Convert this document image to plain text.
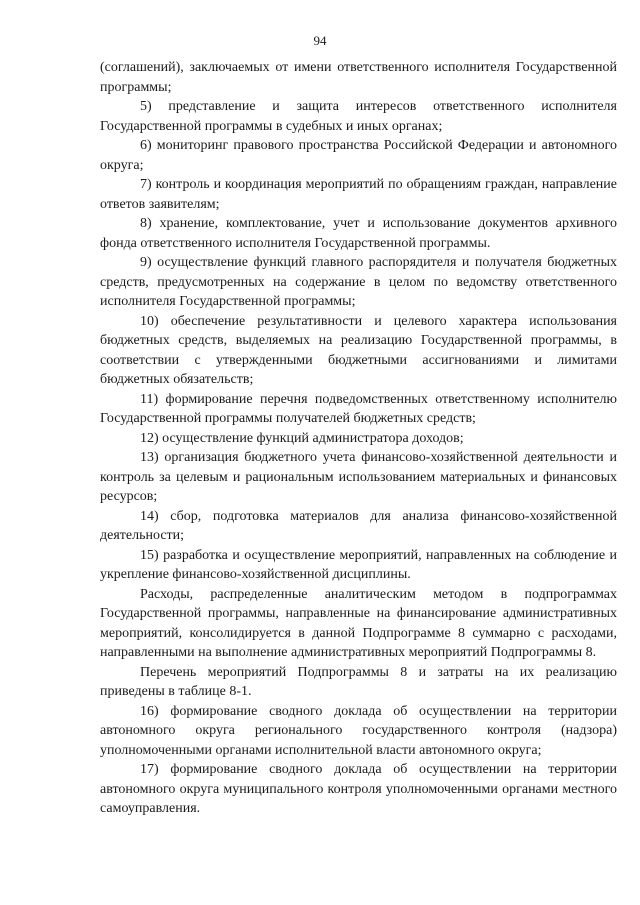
94

(соглашений), заключаемых от имени ответственного исполнителя Государственной программы;

5) представление и защита интересов ответственного исполнителя Государственной программы в судебных и иных органах;

6) мониторинг правового пространства Российской Федерации и автономного округа;

7) контроль и координация мероприятий по обращениям граждан, направление ответов заявителям;

8) хранение, комплектование, учет и использование документов архивного фонда ответственного исполнителя Государственной программы.

9) осуществление функций главного распорядителя и получателя бюджетных средств, предусмотренных на содержание в целом по ведомству ответственного исполнителя Государственной программы;

10) обеспечение результативности и целевого характера использования бюджетных средств, выделяемых на реализацию Государственной программы, в соответствии с утвержденными бюджетными ассигнованиями и лимитами бюджетных обязательств;

11) формирование перечня подведомственных ответственному исполнителю Государственной программы получателей бюджетных средств;

12) осуществление функций администратора доходов;

13) организация бюджетного учета финансово-хозяйственной деятельности и контроль за целевым и рациональным использованием материальных и финансовых ресурсов;

14) сбор, подготовка материалов для анализа финансово-хозяйственной деятельности;

15) разработка и осуществление мероприятий, направленных на соблюдение и укрепление финансово-хозяйственной дисциплины.

Расходы, распределенные аналитическим методом в подпрограммах Государственной программы, направленные на финансирование административных мероприятий, консолидируется в данной Подпрограмме 8 суммарно с расходами, направленными на выполнение административных мероприятий Подпрограммы 8.

Перечень мероприятий Подпрограммы 8 и затраты на их реализацию приведены в таблице 8-1.

16) формирование сводного доклада об осуществлении на территории автономного округа регионального государственного контроля (надзора) уполномоченными органами исполнительной власти автономного округа;

17) формирование сводного доклада об осуществлении на территории автономного округа муниципального контроля уполномоченными органами местного самоуправления.
